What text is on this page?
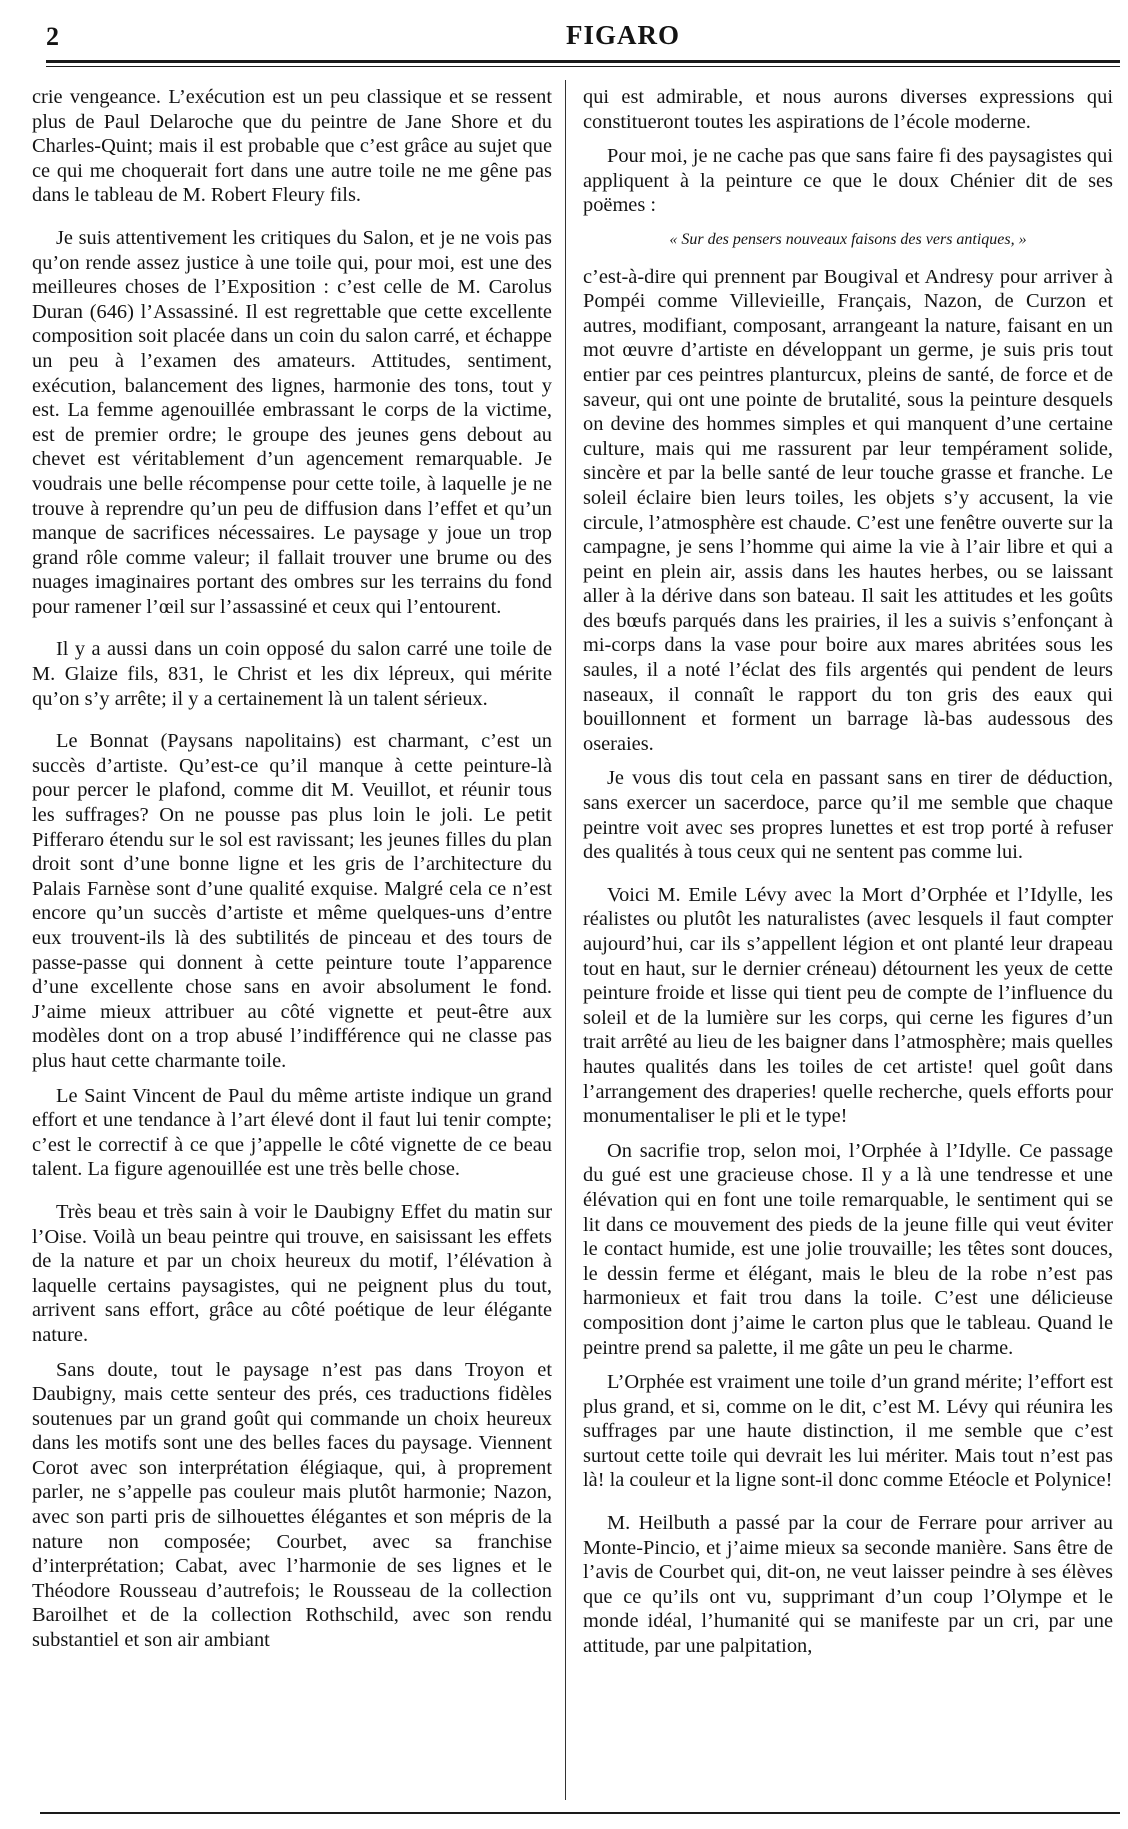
2	FIGARO

crie vengeance. L’exécution est un peu classique et se ressent plus de Paul Delaroche que du peintre de Jane Shore et du Charles-Quint; mais il est probable que c’est grâce au sujet que ce qui me choquerait fort dans une autre toile ne me gêne pas dans le tableau de M. Robert Fleury fils.

Je suis attentivement les critiques du Salon, et je ne vois pas qu’on rende assez justice à une toile qui, pour moi, est une des meilleures choses de l’Exposition : c’est celle de M. Carolus Duran (646) l’Assassiné. Il est regrettable que cette excellente composition soit placée dans un coin du salon carré, et échappe un peu à l’examen des amateurs. Attitudes, sentiment, exécution, balancement des lignes, harmonie des tons, tout y est. La femme agenouillée embrassant le corps de la victime, est de premier ordre; le groupe des jeunes gens debout au chevet est véritablement d’un agencement remarquable. Je voudrais une belle récompense pour cette toile, à laquelle je ne trouve à reprendre qu’un peu de diffusion dans l’effet et qu’un manque de sacrifices nécessaires. Le paysage y joue un trop grand rôle comme valeur; il fallait trouver une brume ou des nuages imaginaires portant des ombres sur les terrains du fond pour ramener l’œil sur l’assassiné et ceux qui l’entourent.

Il y a aussi dans un coin opposé du salon carré une toile de M. Glaize fils, 831, le Christ et les dix lépreux, qui mérite qu’on s’y arrête; il y a certainement là un talent sérieux.

Le Bonnat (Paysans napolitains) est charmant, c’est un succès d’artiste. Qu’est-ce qu’il manque à cette peinture-là pour percer le plafond, comme dit M. Veuillot, et réunir tous les suffrages? On ne pousse pas plus loin le joli. Le petit Pifferaro étendu sur le sol est ravissant; les jeunes filles du plan droit sont d’une bonne ligne et les gris de l’architecture du Palais Farnèse sont d’une qualité exquise. Malgré cela ce n’est encore qu’un succès d’artiste et même quelques-uns d’entre eux trouvent-ils là des subtilités de pinceau et des tours de passe-passe qui donnent à cette peinture toute l’apparence d’une excellente chose sans en avoir absolument le fond. J’aime mieux attribuer au côté vignette et peut-être aux modèles dont on a trop abusé l’indifférence qui ne classe pas plus haut cette charmante toile.

Le Saint Vincent de Paul du même artiste indique un grand effort et une tendance à l’art élevé dont il faut lui tenir compte; c’est le correctif à ce que j’appelle le côté vignette de ce beau talent. La figure agenouillée est une très belle chose.

Très beau et très sain à voir le Daubigny Effet du matin sur l’Oise. Voilà un beau peintre qui trouve, en saisissant les effets de la nature et par un choix heureux du motif, l’élévation à laquelle certains paysagistes, qui ne peignent plus du tout, arrivent sans effort, grâce au côté poétique de leur élégante nature.

Sans doute, tout le paysage n’est pas dans Troyon et Daubigny, mais cette senteur des prés, ces traductions fidèles soutenues par un grand goût qui commande un choix heureux dans les motifs sont une des belles faces du paysage. Viennent Corot avec son interprétation élégiaque, qui, à proprement parler, ne s’appelle pas couleur mais plutôt harmonie; Nazon, avec son parti pris de silhouettes élégantes et son mépris de la nature non composée; Courbet, avec sa franchise d’interprétation; Cabat, avec l’harmonie de ses lignes et le Théodore Rousseau d’autrefois; le Rousseau de la collection Baroilhet et de la collection Rothschild, avec son rendu substantiel et son air ambiant

qui est admirable, et nous aurons diverses expressions qui constitueront toutes les aspirations de l’école moderne.

Pour moi, je ne cache pas que sans faire fi des paysagistes qui appliquent à la peinture ce que le doux Chénier dit de ses poëmes :

« Sur des pensers nouveaux faisons des vers antiques, »

c’est-à-dire qui prennent par Bougival et Andresy pour arriver à Pompéi comme Villevieille, Français, Nazon, de Curzon et autres, modifiant, composant, arrangeant la nature, faisant en un mot œuvre d’artiste en développant un germe, je suis pris tout entier par ces peintres planturcux, pleins de santé, de force et de saveur, qui ont une pointe de brutalité, sous la peinture desquels on devine des hommes simples et qui manquent d’une certaine culture, mais qui me rassurent par leur tempérament solide, sincère et par la belle santé de leur touche grasse et franche. Le soleil éclaire bien leurs toiles, les objets s’y accusent, la vie circule, l’atmosphère est chaude. C’est une fenêtre ouverte sur la campagne, je sens l’homme qui aime la vie à l’air libre et qui a peint en plein air, assis dans les hautes herbes, ou se laissant aller à la dérive dans son bateau. Il sait les attitudes et les goûts des bœufs parqués dans les prairies, il les a suivis s’enfonçant à mi-corps dans la vase pour boire aux mares abritées sous les saules, il a noté l’éclat des fils argentés qui pendent de leurs naseaux, il connaît le rapport du ton gris des eaux qui bouillonnent et forment un barrage là-bas audessous des oseraies.

Je vous dis tout cela en passant sans en tirer de déduction, sans exercer un sacerdoce, parce qu’il me semble que chaque peintre voit avec ses propres lunettes et est trop porté à refuser des qualités à tous ceux qui ne sentent pas comme lui.

Voici M. Emile Lévy avec la Mort d’Orphée et l’Idylle, les réalistes ou plutôt les naturalistes (avec lesquels il faut compter aujourd’hui, car ils s’appellent légion et ont planté leur drapeau tout en haut, sur le dernier créneau) détournent les yeux de cette peinture froide et lisse qui tient peu de compte de l’influence du soleil et de la lumière sur les corps, qui cerne les figures d’un trait arrêté au lieu de les baigner dans l’atmosphère; mais quelles hautes qualités dans les toiles de cet artiste! quel goût dans l’arrangement des draperies! quelle recherche, quels efforts pour monumentaliser le pli et le type!

On sacrifie trop, selon moi, l’Orphée à l’Idylle. Ce passage du gué est une gracieuse chose. Il y a là une tendresse et une élévation qui en font une toile remarquable, le sentiment qui se lit dans ce mouvement des pieds de la jeune fille qui veut éviter le contact humide, est une jolie trouvaille; les têtes sont douces, le dessin ferme et élégant, mais le bleu de la robe n’est pas harmonieux et fait trou dans la toile. C’est une délicieuse composition dont j’aime le carton plus que le tableau. Quand le peintre prend sa palette, il me gâte un peu le charme.

L’Orphée est vraiment une toile d’un grand mérite; l’effort est plus grand, et si, comme on le dit, c’est M. Lévy qui réunira les suffrages par une haute distinction, il me semble que c’est surtout cette toile qui devrait les lui mériter. Mais tout n’est pas là! la couleur et la ligne sont-il donc comme Etéocle et Polynice!

M. Heilbuth a passé par la cour de Ferrare pour arriver au Monte-Pincio, et j’aime mieux sa seconde manière. Sans être de l’avis de Courbet qui, dit-on, ne veut laisser peindre à ses élèves que ce qu’ils ont vu, supprimant d’un coup l’Olympe et le monde idéal, l’humanité qui se manifeste par un cri, par une attitude, par une palpitation,
